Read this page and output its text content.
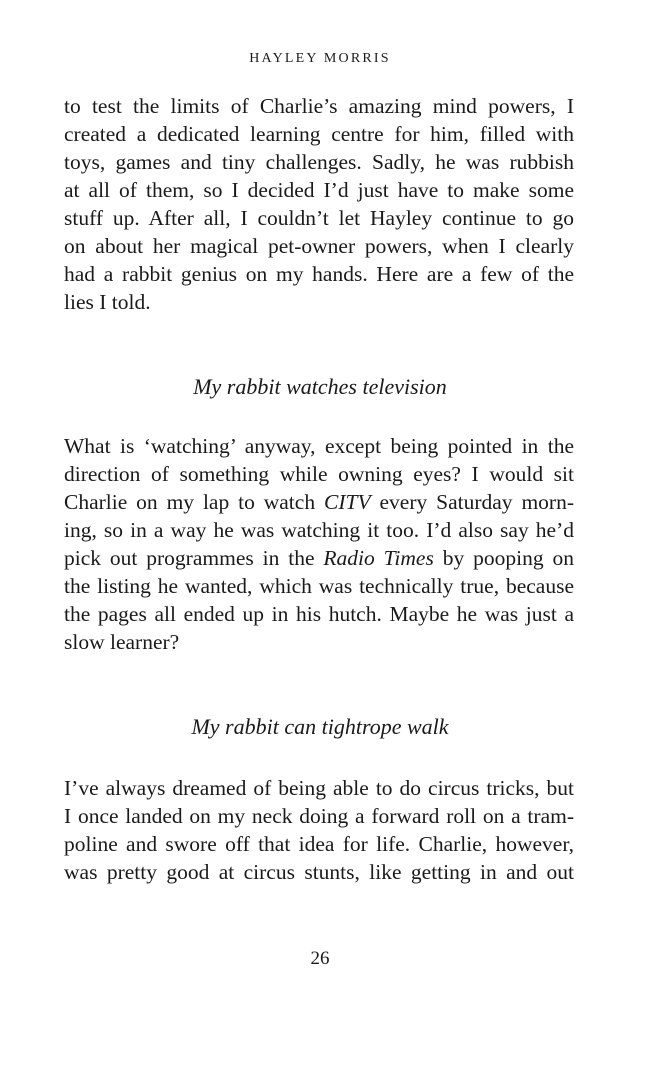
HAYLEY MORRIS
to test the limits of Charlie’s amazing mind powers, I
created a dedicated learning centre for him, filled with
toys, games and tiny challenges. Sadly, he was rubbish
at all of them, so I decided I’d just have to make some
stuff up. After all, I couldn’t let Hayley continue to go
on about her magical pet-owner powers, when I clearly
had a rabbit genius on my hands. Here are a few of the
lies I told.
My rabbit watches television
What is ‘watching’ anyway, except being pointed in the
direction of something while owning eyes? I would sit
Charlie on my lap to watch CITV every Saturday morn-
ing, so in a way he was watching it too. I’d also say he’d
pick out programmes in the Radio Times by pooping on
the listing he wanted, which was technically true, because
the pages all ended up in his hutch. Maybe he was just a
slow learner?
My rabbit can tightrope walk
I’ve always dreamed of being able to do circus tricks, but
I once landed on my neck doing a forward roll on a tram-
poline and swore off that idea for life. Charlie, however,
was pretty good at circus stunts, like getting in and out
26
